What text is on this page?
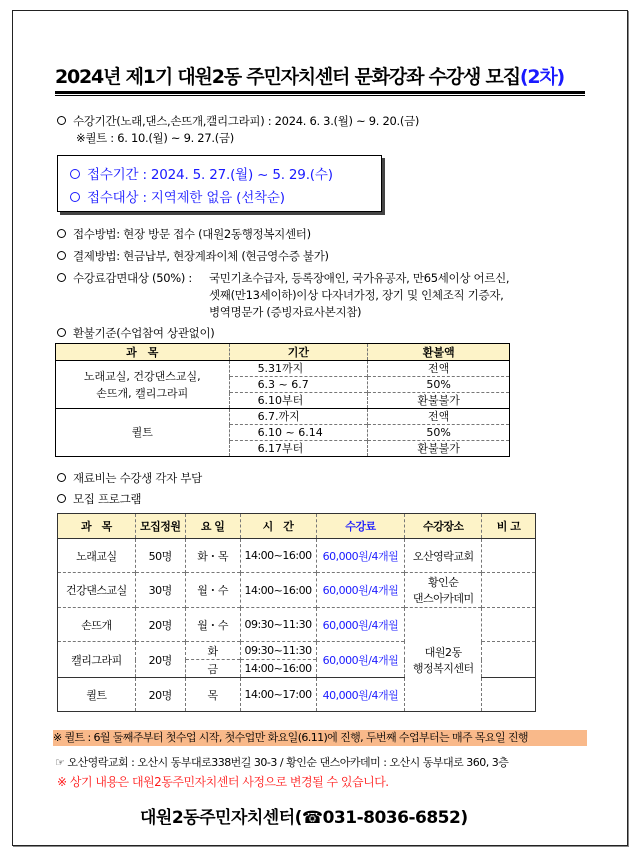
2024년 제1기 대원2동 주민자치센터 문화강좌 수강생 모집(2차)
수강기간(노래,댄스,손뜨개,캘리그라피) : 2024. 6. 3.(월) ~ 9. 20.(금)
※퀼트 : 6. 10.(월) ~ 9. 27.(금)
접수기간 : 2024. 5. 27.(월) ~ 5. 29.(수)
접수대상 : 지역제한 없음 (선착순)
접수방법: 현장 방문 접수 (대원2동행정복지센터)
결제방법: 현금납부, 현장계좌이체 (현금영수증 불가)
수강료감면대상 (50%) : 국민기초수급자, 등록장애인, 국가유공자, 만65세이상 어르신,
셋째(만13세이하)이상 다자녀가정, 장기 및 인체조직 기증자,
병역명문가 (증빙자료사본지참)
환불기준(수업참여 상관없이)
과　목	기간	환불액

노래교실, 건강댄스교실,
손뜨개, 캘리그라피	5.31까지	전액
	6.3 ~ 6.7	50%
	6.10부터	환불불가
퀼트	6.7.까지	전액
	6.10 ~ 6.14	50%
	6.17부터	환불불가
재료비는 수강생 각자 부담
모집 프로그램
과　목	모집정원	요 일	시　간	수강료	수강장소	비 고
노래교실	50명	화・목	14:00~16:00	60,000원/4개월	오산영락교회	
건강댄스교실	30명	월・수	14:00~16:00	60,000원/4개월	황인순
댄스아카데미	

손뜨개	20명	월・수	09:30~11:30	60,000원/4개월	대원2동
행정복지센터	

캘리그라피	20명	화	09:30~11:30	60,000원/4개월		
		금	14:00~16:00			
퀼트	20명	목	14:00~17:00	40,000원/4개월		
※ 퀼트 : 6월 둘째주부터 첫수업 시작, 첫수업만 화요일(6.11)에 진행, 두번째 수업부터는 매주 목요일 진행
☞ 오산영락교회 : 오산시 동부대로338번길 30-3 / 황인순 댄스아카데미 : 오산시 동부대로 360, 3층
※ 상기 내용은 대원2동주민자치센터 사정으로 변경될 수 있습니다.
대원2동주민자치센터(☎031-8036-6852)
